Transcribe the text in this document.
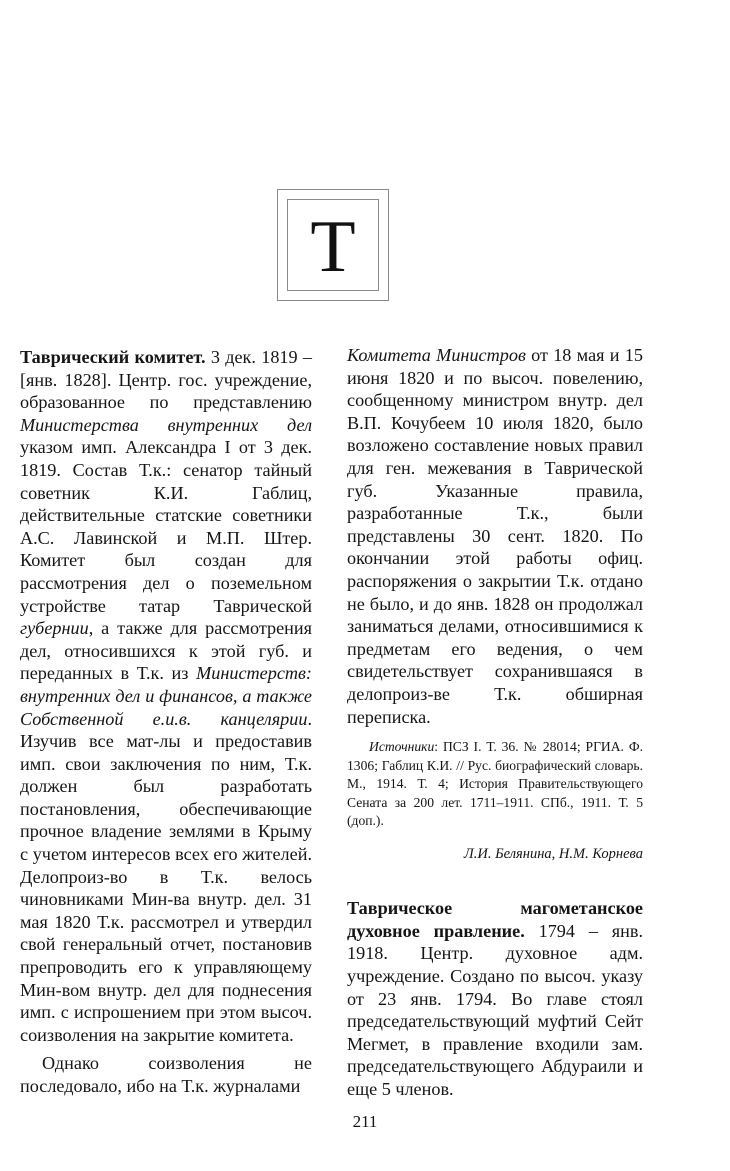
Т

Таврический комитет. 3 дек. 1819 – [янв. 1828]. Центр. гос. учреждение, образованное по представлению Министерства внутренних дел указом имп. Александра I от 3 дек. 1819. Состав Т.к.: сенатор тайный советник К.И. Габлиц, действительные статские советники А.С. Лавинской и М.П. Штер. Комитет был создан для рассмотрения дел о поземельном устройстве татар Таврической губернии, а также для рассмотрения дел, относившихся к этой губ. и переданных в Т.к. из Министерств: внутренних дел и финансов, а также Собственной е.и.в. канцелярии. Изучив все мат-лы и предоставив имп. свои заключения по ним, Т.к. должен был разработать постановления, обеспечивающие прочное владение землями в Крыму с учетом интересов всех его жителей. Делопроиз-во в Т.к. велось чиновниками Мин-ва внутр. дел. 31 мая 1820 Т.к. рассмотрел и утвердил свой генеральный отчет, постановив препроводить его к управляющему Мин-вом внутр. дел для поднесения имп. с испрошением при этом высоч. соизволения на закрытие комитета.

Однако соизволения не последовало, ибо на Т.к. журналами

Комитета Министров от 18 мая и 15 июня 1820 и по высоч. повелению, сообщенному министром внутр. дел В.П. Кочубеем 10 июля 1820, было возложено составление новых правил для ген. межевания в Таврической губ. Указанные правила, разработанные Т.к., были представлены 30 сент. 1820. По окончании этой работы офиц. распоряжения о закрытии Т.к. отдано не было, и до янв. 1828 он продолжал заниматься делами, относившимися к предметам его ведения, о чем свидетельствует сохранившаяся в делопроиз-ве Т.к. обширная переписка.

Источники: ПСЗ I. Т. 36. № 28014; РГИА. Ф. 1306; Габлиц К.И. // Рус. биографический словарь. М., 1914. Т. 4; История Правительствующего Сената за 200 лет. 1711–1911. СПб., 1911. Т. 5 (доп.).

Л.И. Белянина, Н.М. Корнева

Таврическое магометанское духовное правление. 1794 – янв. 1918. Центр. духовное адм. учреждение. Создано по высоч. указу от 23 янв. 1794. Во главе стоял председательствующий муфтий Сейт Мегмет, в правление входили зам. председательствующего Абдураили и еще 5 членов.

211
